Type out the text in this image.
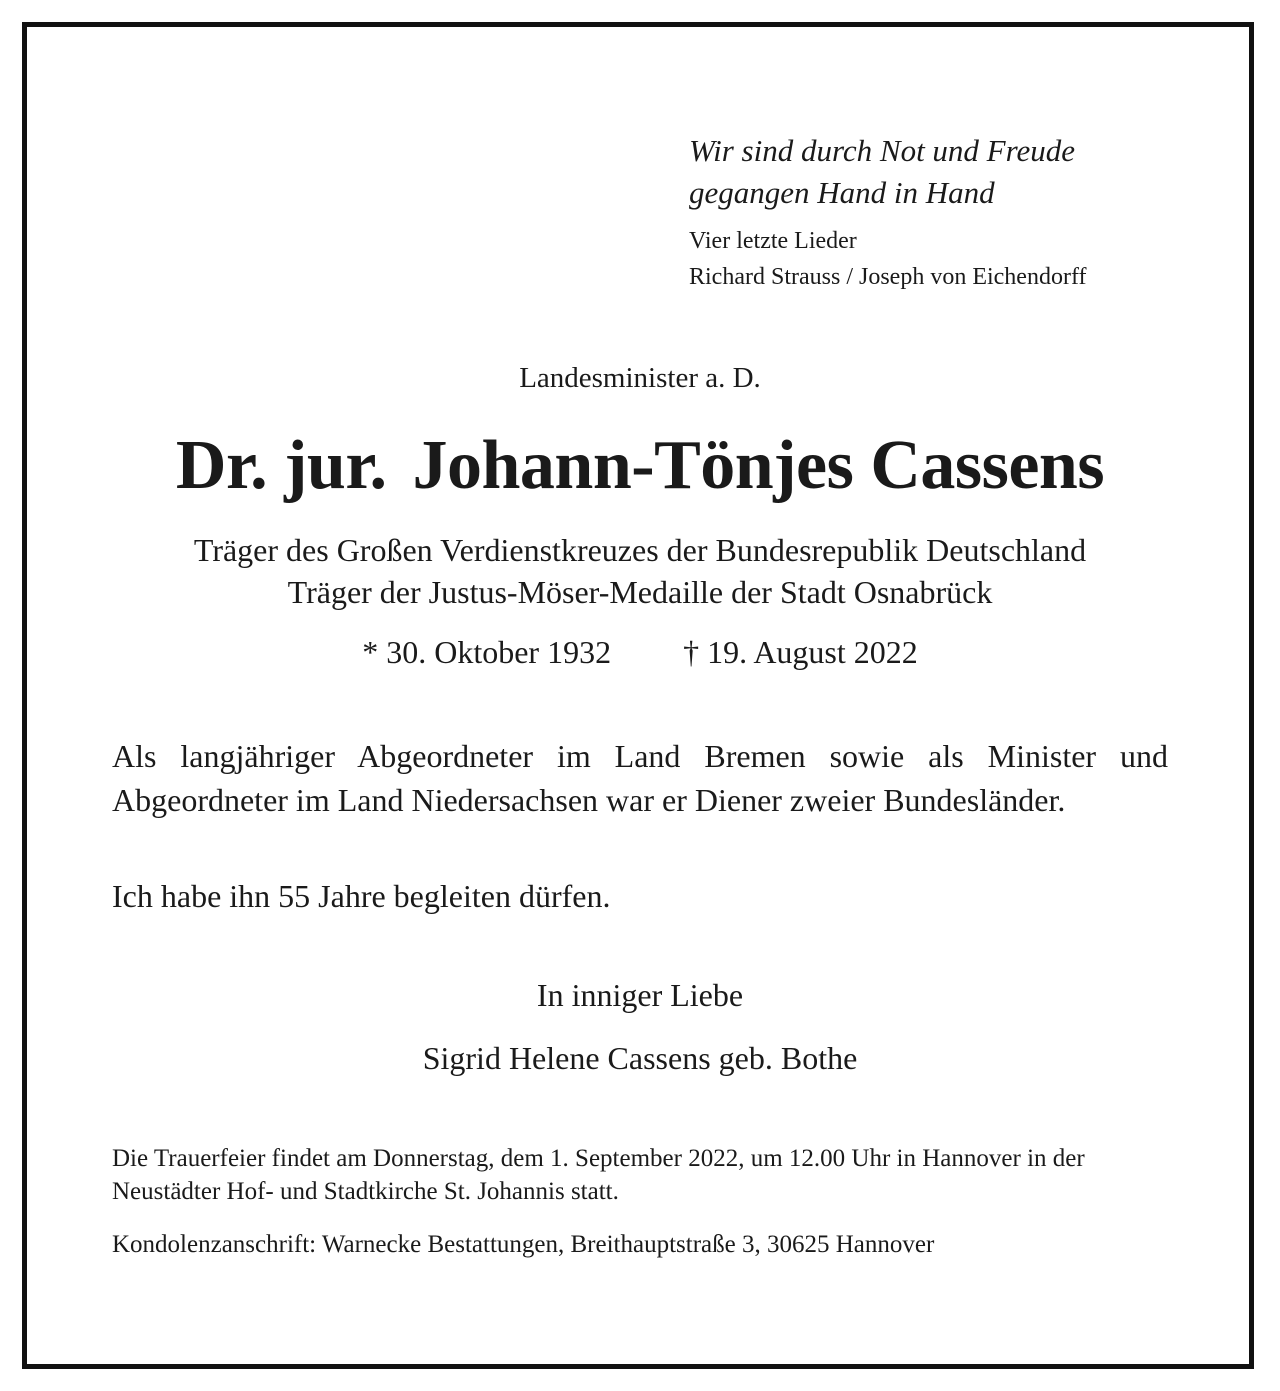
Wir sind durch Not und Freude

gegangen Hand in Hand

Vier letzte Lieder

Richard Strauss / Joseph von Eichendorff

Landesminister a. D.

Dr. jur. Johann-Tönjes Cassens

Träger des Großen Verdienstkreuzes der Bundesrepublik Deutschland

Träger der Justus-Möser-Medaille der Stadt Osnabrück

* 30. Oktober 1932 † 19. August 2022

Als langjähriger Abgeordneter im Land Bremen sowie als Minister und Abgeordneter im Land Niedersachsen war er Diener zweier Bundesländer.

Ich habe ihn 55 Jahre begleiten dürfen.

In inniger Liebe

Sigrid Helene Cassens geb. Bothe

Die Trauerfeier findet am Donnerstag, dem 1. September 2022, um 12.00 Uhr in Hannover in der Neustädter Hof- und Stadtkirche St. Johannis statt.

Kondolenzanschrift: Warnecke Bestattungen, Breithauptstraße 3, 30625 Hannover
